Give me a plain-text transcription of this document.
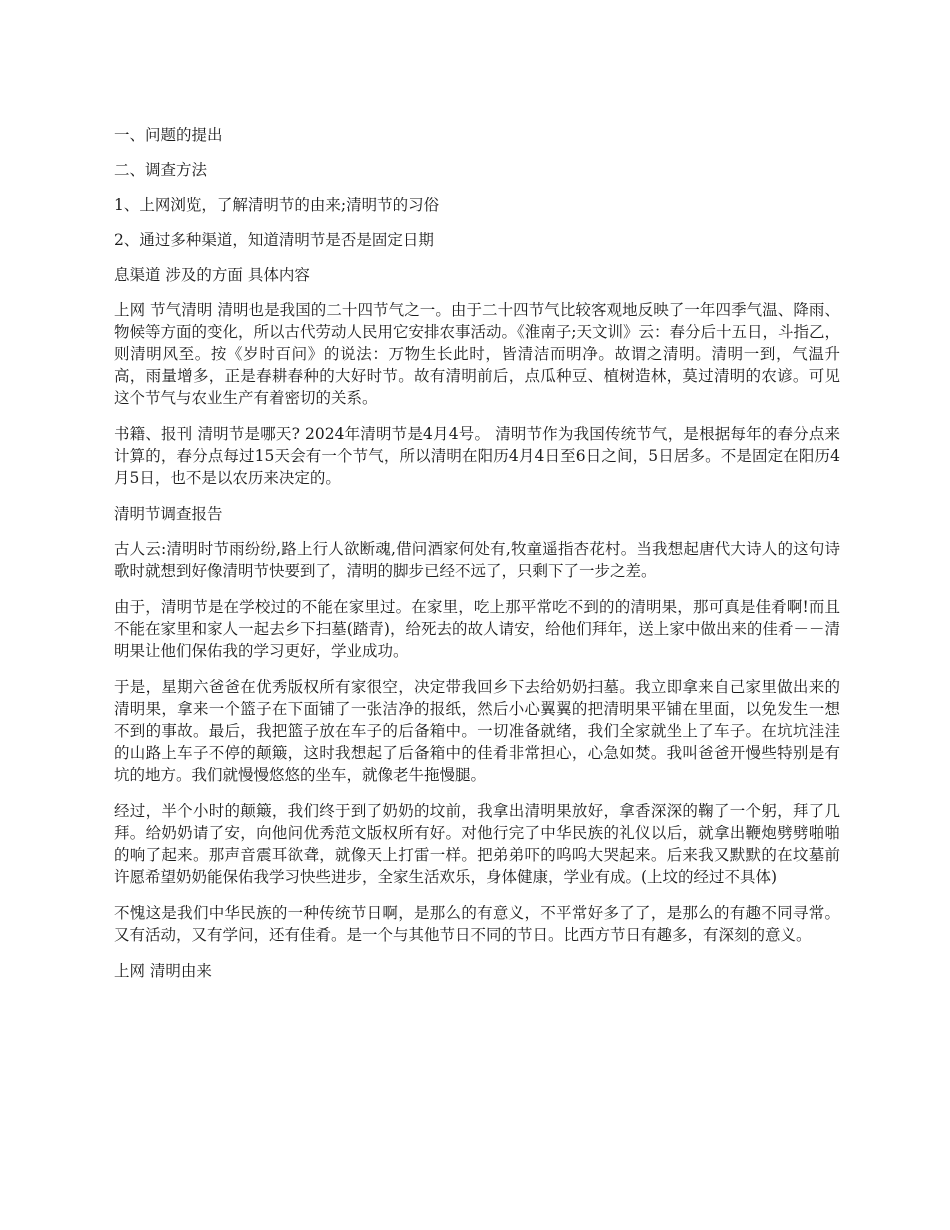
一、问题的提出

二、调查方法

1、上网浏览，了解清明节的由来;清明节的习俗

2、通过多种渠道，知道清明节是否是固定日期

息渠道 涉及的方面 具体内容

上网 节气清明 清明也是我国的二十四节气之一。由于二十四节气比较客观地反映了一年四季气温、降雨、物候等方面的变化，所以古代劳动人民用它安排农事活动。《淮南子;天文训》云：春分后十五日，斗指乙，则清明风至。按《岁时百问》的说法：万物生长此时，皆清洁而明净。故谓之清明。清明一到，气温升高，雨量增多，正是春耕春种的大好时节。故有清明前后，点瓜种豆、植树造林，莫过清明的农谚。可见这个节气与农业生产有着密切的关系。

书籍、报刊 清明节是哪天? 2024年清明节是4月4号。 清明节作为我国传统节气，是根据每年的春分点来计算的，春分点每过15天会有一个节气，所以清明在阳历4月4日至6日之间，5日居多。不是固定在阳历4月5日，也不是以农历来决定的。

清明节调查报告

古人云:清明时节雨纷纷,路上行人欲断魂,借问酒家何处有,牧童遥指杏花村。当我想起唐代大诗人的这句诗歌时就想到好像清明节快要到了，清明的脚步已经不远了，只剩下了一步之差。

由于，清明节是在学校过的不能在家里过。在家里，吃上那平常吃不到的的清明果，那可真是佳肴啊!而且不能在家里和家人一起去乡下扫墓(踏青)，给死去的故人请安，给他们拜年，送上家中做出来的佳肴－－清明果让他们保佑我的学习更好，学业成功。

于是，星期六爸爸在优秀版权所有家很空，决定带我回乡下去给奶奶扫墓。我立即拿来自己家里做出来的清明果，拿来一个篮子在下面铺了一张洁净的报纸，然后小心翼翼的把清明果平铺在里面，以免发生一想不到的事故。最后，我把篮子放在车子的后备箱中。一切准备就绪，我们全家就坐上了车子。在坑坑洼洼的山路上车子不停的颠簸，这时我想起了后备箱中的佳肴非常担心，心急如焚。我叫爸爸开慢些特别是有坑的地方。我们就慢慢悠悠的坐车，就像老牛拖慢腿。

经过，半个小时的颠簸，我们终于到了奶奶的坟前，我拿出清明果放好，拿香深深的鞠了一个躬，拜了几拜。给奶奶请了安，向他问优秀范文版权所有好。对他行完了中华民族的礼仪以后，就拿出鞭炮劈劈啪啪的响了起来。那声音震耳欲聋，就像天上打雷一样。把弟弟吓的呜呜大哭起来。后来我又默默的在坟墓前许愿希望奶奶能保佑我学习快些进步，全家生活欢乐，身体健康，学业有成。(上坟的经过不具体)

不愧这是我们中华民族的一种传统节日啊，是那么的有意义，不平常好多了了，是那么的有趣不同寻常。又有活动，又有学问，还有佳肴。是一个与其他节日不同的节日。比西方节日有趣多，有深刻的意义。

上网 清明由来
